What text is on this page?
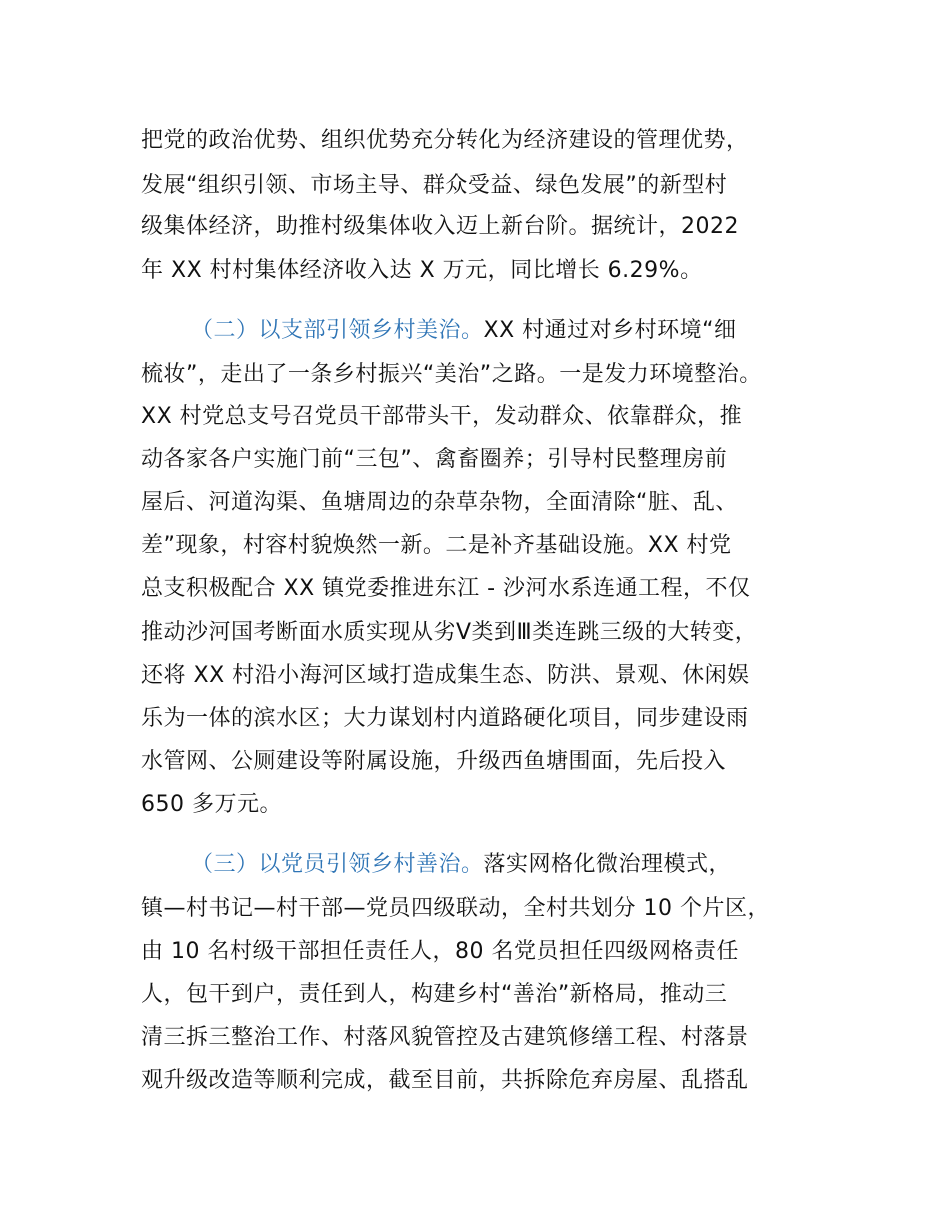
把党的政治优势、组织优势充分转化为经济建设的管理优势，
发展“组织引领、市场主导、群众受益、绿色发展”的新型村
级集体经济，助推村级集体收入迈上新台阶。据统计，2022
年 XX 村村集体经济收入达 X 万元，同比增长 6.29%。
（二）以支部引领乡村美治。XX 村通过对乡村环境“细
梳妆”，走出了一条乡村振兴“美治”之路。一是发力环境整治。
XX 村党总支号召党员干部带头干，发动群众、依靠群众，推
动各家各户实施门前“三包”、禽畜圈养；引导村民整理房前
屋后、河道沟渠、鱼塘周边的杂草杂物，全面清除“脏、乱、
差”现象，村容村貌焕然一新。二是补齐基础设施。XX 村党
总支积极配合 XX 镇党委推进东江 - 沙河水系连通工程，不仅
推动沙河国考断面水质实现从劣Ⅴ类到Ⅲ类连跳三级的大转变，
还将 XX 村沿小海河区域打造成集生态、防洪、景观、休闲娱
乐为一体的滨水区；大力谋划村内道路硬化项目，同步建设雨
水管网、公厕建设等附属设施，升级西鱼塘围面，先后投入
650 多万元。
（三）以党员引领乡村善治。落实网格化微治理模式，
镇—村书记—村干部—党员四级联动，全村共划分 10 个片区，
由 10 名村级干部担任责任人，80 名党员担任四级网格责任
人，包干到户，责任到人，构建乡村“善治”新格局，推动三
清三拆三整治工作、村落风貌管控及古建筑修缮工程、村落景
观升级改造等顺利完成，截至目前，共拆除危弃房屋、乱搭乱
